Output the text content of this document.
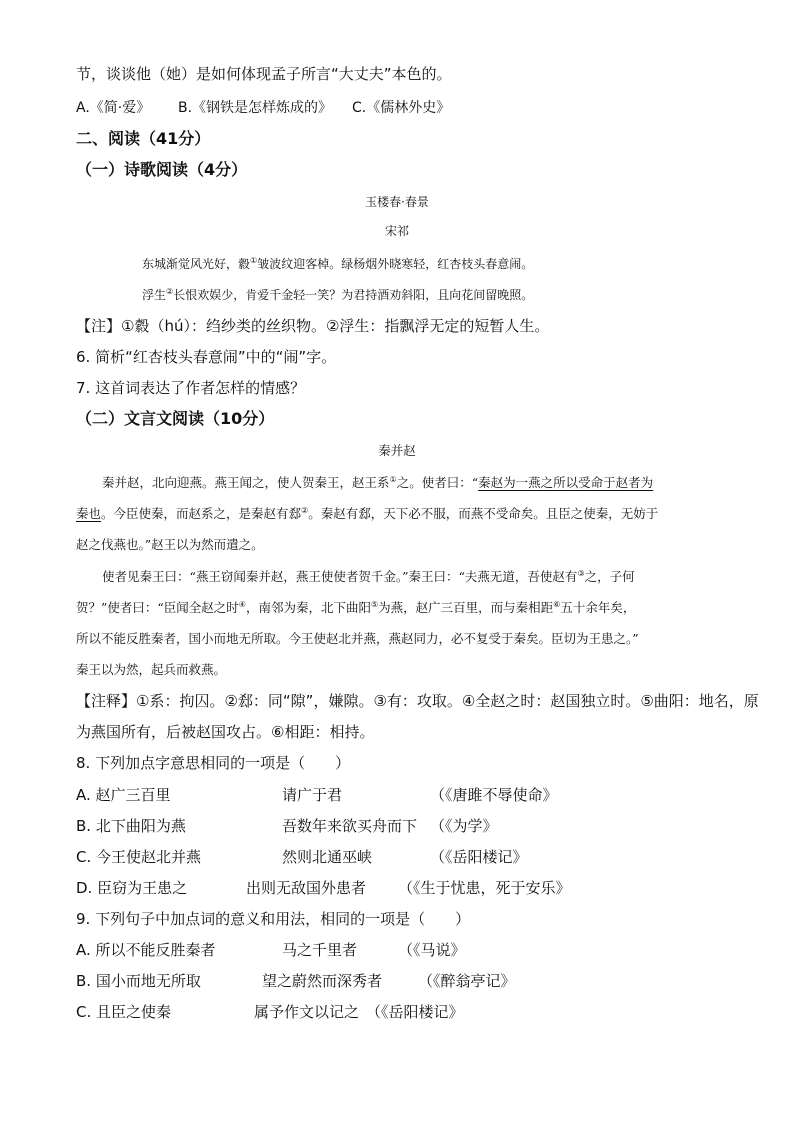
节，谈谈他（她）是如何体现孟子所言“大丈夫”本色的。
A.《简·爱》 B.《钢铁是怎样炼成的》 C.《儒林外史》
二、阅读（41分）
（一）诗歌阅读（4分）
玉楼春·春景
宋祁
东城渐觉风光好，縠①皱波纹迎客棹。绿杨烟外晓寒轻，红杏枝头春意闹。
浮生②长恨欢娱少，肯爱千金轻一笑？为君持酒劝斜阳，且向花间留晚照。
【注】①縠（hú）：绉纱类的丝织物。②浮生：指飘浮无定的短暂人生。
6. 简析“红杏枝头春意闹”中的“闹”字。
7. 这首词表达了作者怎样的情感？
（二）文言文阅读（10分）
秦并赵
秦并赵，北向迎燕。燕王闻之，使人贺秦王，赵王系①之。使者曰：“秦赵为一燕之所以受命于赵者为
秦也。今臣使秦，而赵系之，是秦赵有郄②。秦赵有郄，天下必不服，而燕不受命矣。且臣之使秦，无妨于
赵之伐燕也。”赵王以为然而遣之。
使者见秦王曰：“燕王窃闻秦并赵，燕王使使者贺千金。”秦王曰：“夫燕无道，吾使赵有③之，子何
贺？”使者曰：“臣闻全赵之时④，南邻为秦，北下曲阳⑤为燕，赵广三百里，而与秦相距⑥五十余年矣，
所以不能反胜秦者，国小而地无所取。今王使赵北并燕，燕赵同力，必不复受于秦矣。臣切为王患之。”
秦王以为然，起兵而救燕。
【注释】①系：拘囚。②郄：同“隙”，嫌隙。③有：攻取。④全赵之时：赵国独立时。⑤曲阳：地名，原
为燕国所有，后被赵国攻占。⑥相距：相持。
8. 下列加点字意思相同的一项是（　　）
A. 赵广三百里	请广于君	（《唐雎不辱使命》
B. 北下曲阳为燕	吾数年来欲买舟而下 （《为学》
C. 今王使赵北并燕	然则北通巫峡	（《岳阳楼记》
D. 臣窃为王患之	出则无敌国外患者 （《生于忧患，死于安乐》
9. 下列句子中加点词的意义和用法，相同的一项是（　　）
A. 所以不能反胜秦者	马之千里者	（《马说》
B. 国小而地无所取	望之蔚然而深秀者 （《醉翁亭记》
C. 且臣之使秦	属予作文以记之 （《岳阳楼记》
